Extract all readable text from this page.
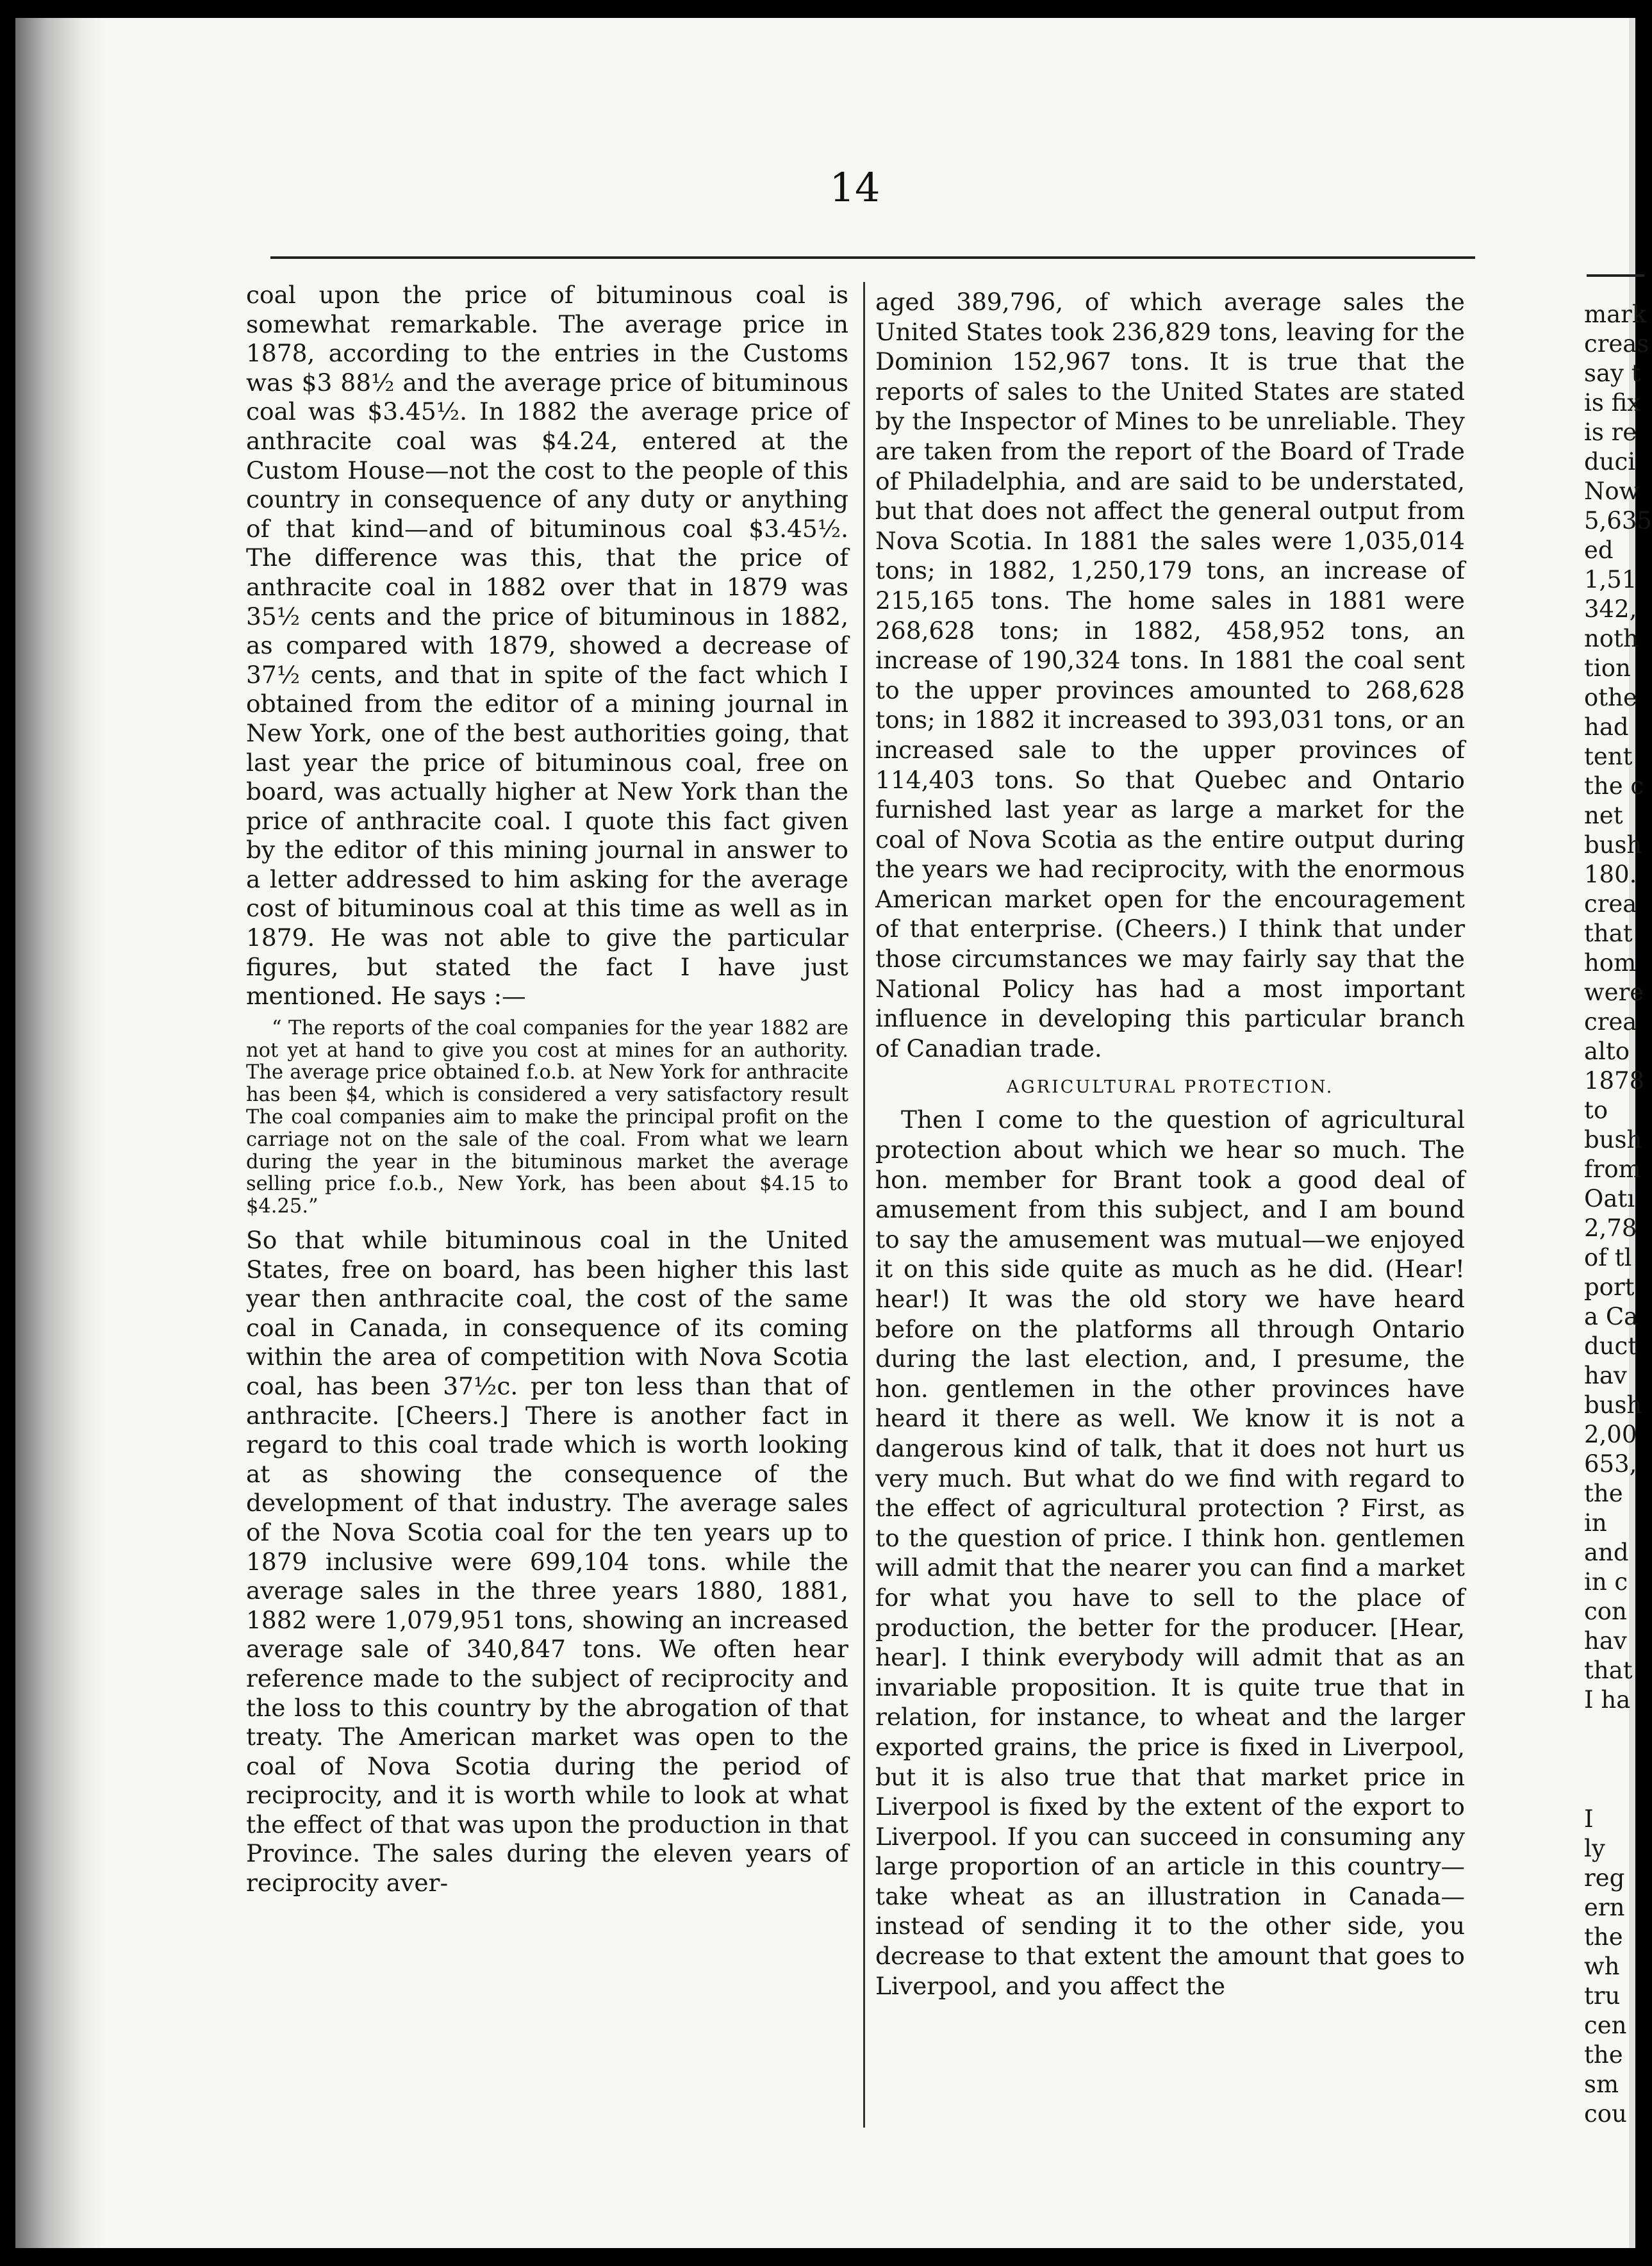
14

coal upon the price of bituminous coal is somewhat remarkable. The average price in 1878, according to the entries in the Customs was $3 88½ and the average price of bituminous coal was $3.45½. In 1882 the average price of anthracite coal was $4.24, entered at the Custom House—not the cost to the people of this country in consequence of any duty or anything of that kind—and of bituminous coal $3.45½. The difference was this, that the price of anthracite coal in 1882 over that in 1879 was 35½ cents and the price of bituminous in 1882, as compared with 1879, showed a decrease of 37½ cents, and that in spite of the fact which I obtained from the editor of a mining journal in New York, one of the best authorities going, that last year the price of bituminous coal, free on board, was actually higher at New York than the price of anthracite coal. I quote this fact given by the editor of this mining journal in answer to a letter addressed to him asking for the average cost of bituminous coal at this time as well as in 1879. He was not able to give the particular figures, but stated the fact I have just mentioned. He says :—

“ The reports of the coal companies for the year 1882 are not yet at hand to give you cost at mines for an authority. The average price obtained f.o.b. at New York for anthracite has been $4, which is considered a very satisfactory result The coal companies aim to make the principal profit on the carriage not on the sale of the coal. From what we learn during the year in the bituminous market the average selling price f.o.b., New York, has been about $4.15 to $4.25.”

So that while bituminous coal in the United States, free on board, has been higher this last year then anthracite coal, the cost of the same coal in Canada, in consequence of its coming within the area of competition with Nova Scotia coal, has been 37½c. per ton less than that of anthracite. [Cheers.] There is another fact in regard to this coal trade which is worth looking at as showing the consequence of the development of that industry. The average sales of the Nova Scotia coal for the ten years up to 1879 inclusive were 699,104 tons. while the average sales in the three years 1880, 1881, 1882 were 1,079,951 tons, showing an increased average sale of 340,847 tons. We often hear reference made to the subject of reciprocity and the loss to this country by the abrogation of that treaty. The American market was open to the coal of Nova Scotia during the period of reciprocity, and it is worth while to look at what the effect of that was upon the production in that Province. The sales during the eleven years of reciprocity aver-

aged 389,796, of which average sales the United States took 236,829 tons, leaving for the Dominion 152,967 tons. It is true that the reports of sales to the United States are stated by the Inspector of Mines to be unreliable. They are taken from the report of the Board of Trade of Philadelphia, and are said to be understated, but that does not affect the general output from Nova Scotia. In 1881 the sales were 1,035,014 tons; in 1882, 1,250,179 tons, an increase of 215,165 tons. The home sales in 1881 were 268,628 tons; in 1882, 458,952 tons, an increase of 190,324 tons. In 1881 the coal sent to the upper provinces amounted to 268,628 tons; in 1882 it increased to 393,031 tons, or an increased sale to the upper provinces of 114,403 tons. So that Quebec and Ontario furnished last year as large a market for the coal of Nova Scotia as the entire output during the years we had reciprocity, with the enormous American market open for the encouragement of that enterprise. (Cheers.) I think that under those circumstances we may fairly say that the National Policy has had a most important influence in developing this particular branch of Canadian trade.

AGRICULTURAL PROTECTION.

Then I come to the question of agricultural protection about which we hear so much. The hon. member for Brant took a good deal of amusement from this subject, and I am bound to say the amusement was mutual—we enjoyed it on this side quite as much as he did. (Hear! hear!) It was the old story we have heard before on the platforms all through Ontario during the last election, and, I presume, the hon. gentlemen in the other provinces have heard it there as well. We know it is not a dangerous kind of talk, that it does not hurt us very much. But what do we find with regard to the effect of agricultural protection ? First, as to the question of price. I think hon. gentlemen will admit that the nearer you can find a market for what you have to sell to the place of production, the better for the producer. [Hear, hear]. I think everybody will admit that as an invariable proposition. It is quite true that in relation, for instance, to wheat and the larger exported grains, the price is fixed in Liverpool, but it is also true that that market price in Liverpool is fixed by the extent of the export to Liverpool. If you can succeed in consuming any large proportion of an article in this country—take wheat as an illustration in Canada—instead of sending it to the other side, you decrease to that extent the amount that goes to Liverpool, and you affect the

mark
creas
say t
is fix
is re
duci
Now
5,635
ed
1,51
342,
noth
tion
othe
had
tent
the c
net
bush
180.
crea
that
hom
were
crea
alto
1878
to
bush
from
Oatı
2,78
of tl
port
a Ca
duct
hav
bush
2,00
653,
the
in
and
in c
con
hav
that
I ha
I
ly
reg
ern
the
wh
tru
cen
the
sm
cou
